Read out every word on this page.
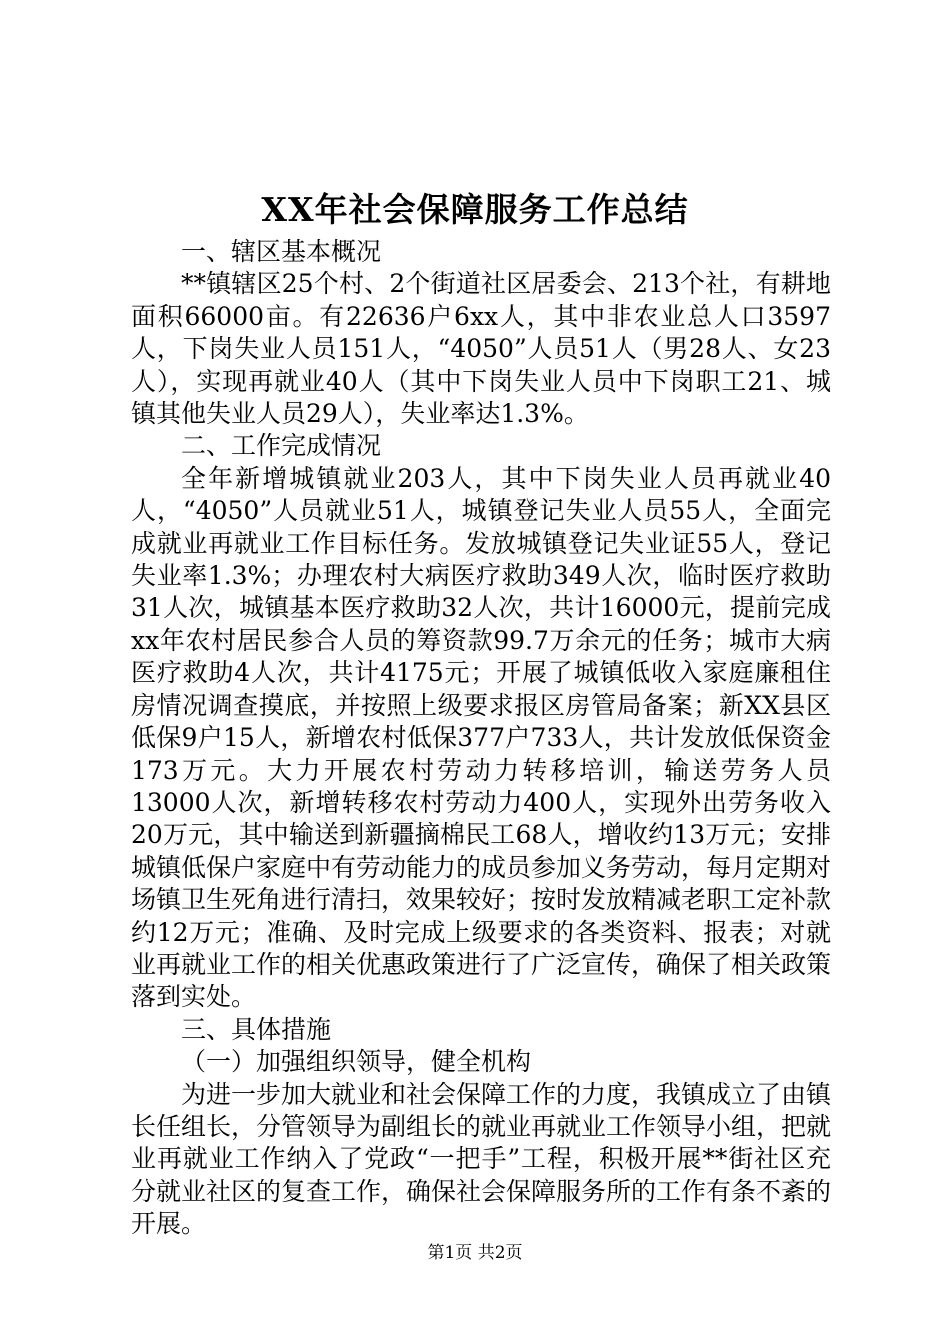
XX年社会保障服务工作总结

一、辖区基本概况

**镇辖区25个村、2个街道社区居委会、213个社，有耕地面积66000亩。有22636户6xx人，其中非农业总人口3597人，下岗失业人员151人，“4050”人员51人（男28人、女23人），实现再就业40人（其中下岗失业人员中下岗职工21、城镇其他失业人员29人），失业率达1.3%。

二、工作完成情况

全年新增城镇就业203人，其中下岗失业人员再就业40人，“4050”人员就业51人，城镇登记失业人员55人，全面完成就业再就业工作目标任务。发放城镇登记失业证55人，登记失业率1.3%；办理农村大病医疗救助349人次，临时医疗救助31人次，城镇基本医疗救助32人次，共计16000元，提前完成xx年农村居民参合人员的筹资款99.7万余元的任务；城市大病医疗救助4人次，共计4175元；开展了城镇低收入家庭廉租住房情况调查摸底，并按照上级要求报区房管局备案；新XX县区低保9户15人，新增农村低保377户733人，共计发放低保资金173万元。大力开展农村劳动力转移培训，输送劳务人员13000人次，新增转移农村劳动力400人，实现外出劳务收入20万元，其中输送到新疆摘棉民工68人，增收约13万元；安排城镇低保户家庭中有劳动能力的成员参加义务劳动，每月定期对场镇卫生死角进行清扫，效果较好；按时发放精减老职工定补款约12万元；准确、及时完成上级要求的各类资料、报表；对就业再就业工作的相关优惠政策进行了广泛宣传，确保了相关政策落到实处。

三、具体措施

（一）加强组织领导，健全机构

为进一步加大就业和社会保障工作的力度，我镇成立了由镇长任组长，分管领导为副组长的就业再就业工作领导小组，把就业再就业工作纳入了党政“一把手”工程，积极开展**街社区充分就业社区的复查工作，确保社会保障服务所的工作有条不紊的开展。

第1页 共2页
